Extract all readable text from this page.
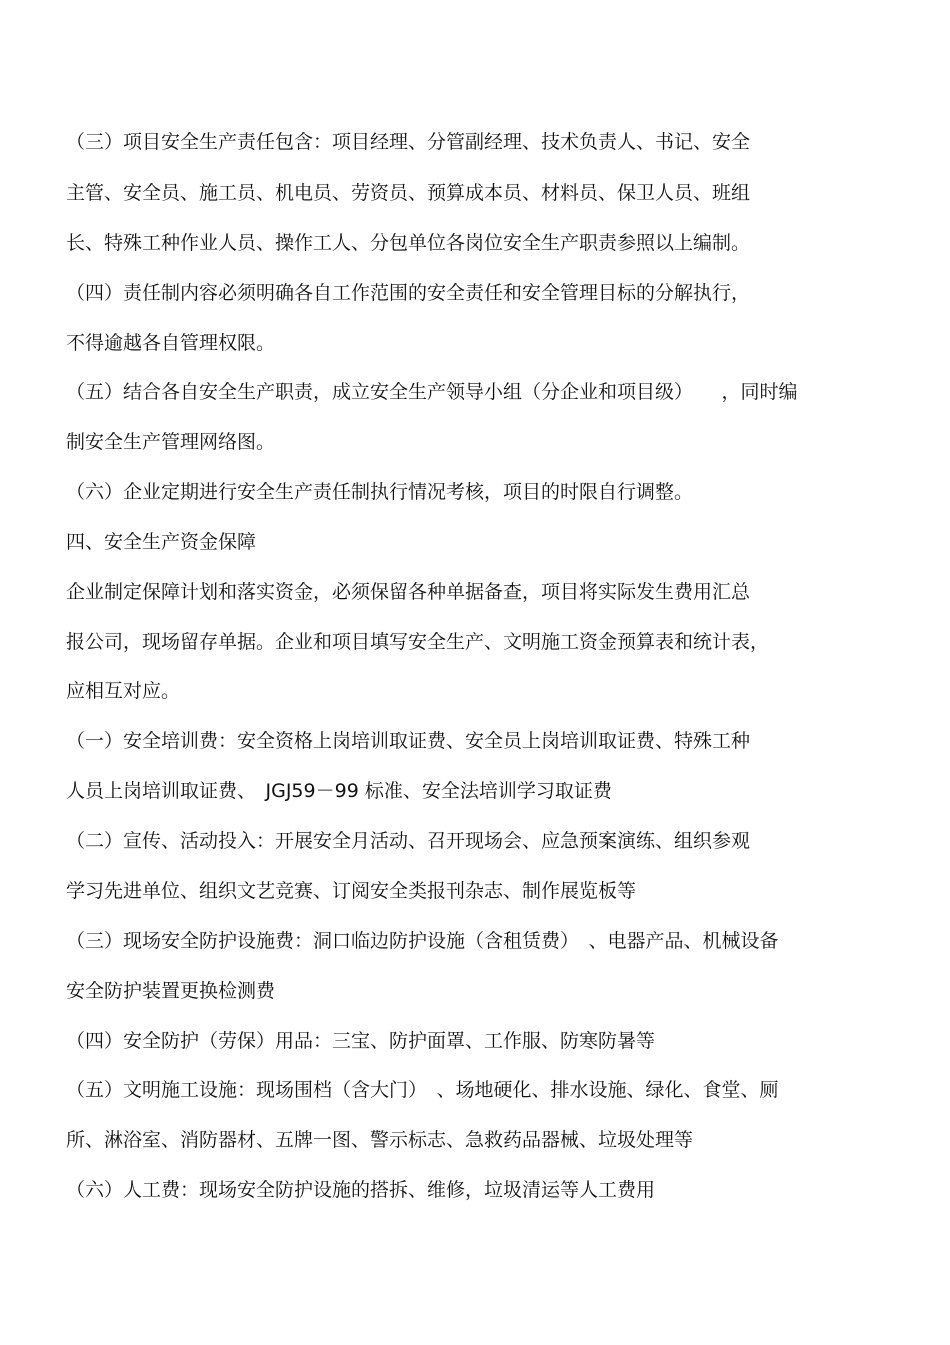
（三）项目安全生产责任包含：项目经理、分管副经理、技术负责人、书记、安全
主管、安全员、施工员、机电员、劳资员、预算成本员、材料员、保卫人员、班组
长、特殊工种作业人员、操作工人、分包单位各岗位安全生产职责参照以上编制。
（四）责任制内容必须明确各自工作范围的安全责任和安全管理目标的分解执行，
不得逾越各自管理权限。
（五）结合各自安全生产职责，成立安全生产领导小组（分企业和项目级）　　，同时编
制安全生产管理网络图。
（六）企业定期进行安全生产责任制执行情况考核，项目的时限自行调整。
四、安全生产资金保障
企业制定保障计划和落实资金，必须保留各种单据备查，项目将实际发生费用汇总
报公司，现场留存单据。企业和项目填写安全生产、文明施工资金预算表和统计表，
应相互对应。
（一）安全培训费：安全资格上岗培训取证费、安全员上岗培训取证费、特殊工种
人员上岗培训取证费、　JGJ59－99 标准、安全法培训学习取证费
（二）宣传、活动投入：开展安全月活动、召开现场会、应急预案演练、组织参观
学习先进单位、组织文艺竞赛、订阅安全类报刊杂志、制作展览板等
（三）现场安全防护设施费：洞口临边防护设施（含租赁费）　、电器产品、机械设备
安全防护装置更换检测费
（四）安全防护（劳保）用品：三宝、防护面罩、工作服、防寒防暑等
（五）文明施工设施：现场围档（含大门）　、场地硬化、排水设施、绿化、食堂、厕
所、淋浴室、消防器材、五牌一图、警示标志、急救药品器械、垃圾处理等
（六）人工费：现场安全防护设施的搭拆、维修，垃圾清运等人工费用
